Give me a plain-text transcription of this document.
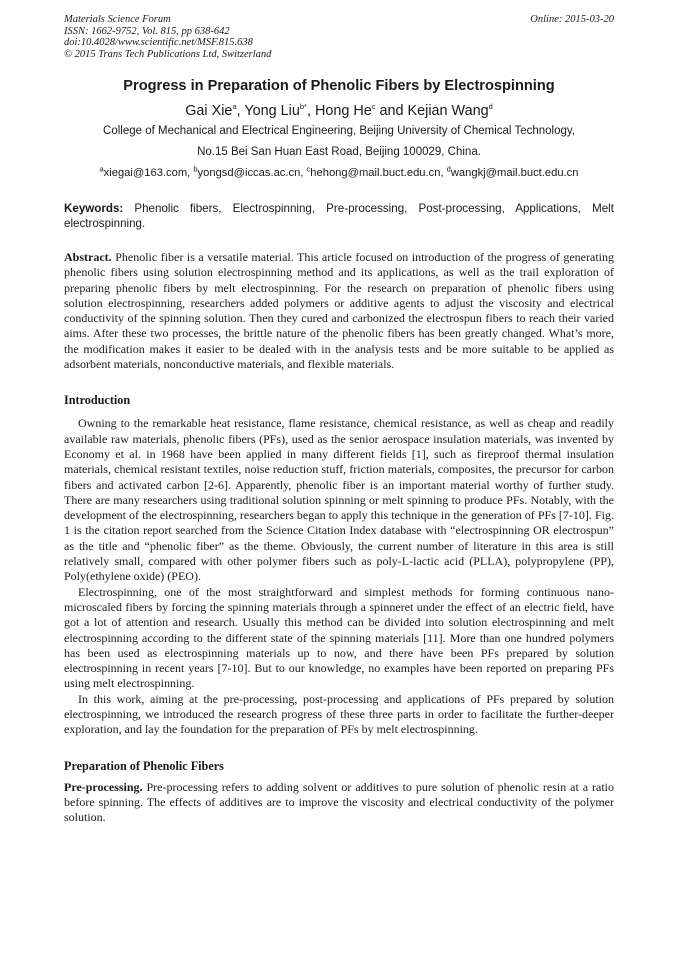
Materials Science Forum
ISSN: 1662-9752, Vol. 815, pp 638-642
doi:10.4028/www.scientific.net/MSF.815.638
© 2015 Trans Tech Publications Ltd, Switzerland
Online: 2015-03-20
Progress in Preparation of Phenolic Fibers by Electrospinning
Gai Xie$^a$, Yong Liu$^{b*}$, Hong He$^c$ and Kejian Wang$^d$
College of Mechanical and Electrical Engineering, Beijing University of Chemical Technology,
No.15 Bei San Huan East Road, Beijing 100029, China.
$^a$xiegai@163.com, $^b$yongsd@iccas.ac.cn, $^c$hehong@mail.buct.edu.cn, $^d$wangkj@mail.buct.edu.cn
Keywords: Phenolic fibers, Electrospinning, Pre-processing, Post-processing, Applications, Melt electrospinning.

Abstract. Phenolic fiber is a versatile material. This article focused on introduction of the progress of generating phenolic fibers using solution electrospinning method and its applications, as well as the trail exploration of preparing phenolic fibers by melt electrospinning. For the research on preparation of phenolic fibers using solution electrospinning, researchers added polymers or additive agents to adjust the viscosity and electrical conductivity of the spinning solution. Then they cured and carbonized the electrospun fibers to reach their varied aims. After these two processes, the brittle nature of the phenolic fibers has been greatly changed. What’s more, the modification makes it easier to be dealed with in the analysis tests and be more suitable to be applied as adsorbent materials, nonconductive materials, and flexible materials.

Introduction

Owning to the remarkable heat resistance, flame resistance, chemical resistance, as well as cheap and readily available raw materials, phenolic fibers (PFs), used as the senior aerospace insulation materials, was invented by Economy et al. in 1968 have been applied in many different fields [1], such as fireproof thermal insulation materials, chemical resistant textiles, noise reduction stuff, friction materials, composites, the precursor for carbon fibers and activated carbon [2-6]. Apparently, phenolic fiber is an important material worthy of further study. There are many researchers using traditional solution spinning or melt spinning to produce PFs. Notably, with the development of the electrospinning, researchers began to apply this technique in the generation of PFs [7-10]. Fig. 1 is the citation report searched from the Science Citation Index database with “electrospinning OR electrospun” as the title and “phenolic fiber” as the theme. Obviously, the current number of literature in this area is still relatively small, compared with other polymer fibers such as poly-L-lactic acid (PLLA), polypropylene (PP), Poly(ethylene oxide) (PEO).

Electrospinning, one of the most straightforward and simplest methods for forming continuous nano-microscaled fibers by forcing the spinning materials through a spinneret under the effect of an electric field, have got a lot of attention and research. Usually this method can be divided into solution electrospinning and melt electrospinning according to the different state of the spinning materials [11]. More than one hundred polymers has been used as electrospinning materials up to now, and there have been PFs prepared by solution electrospinning in recent years [7-10]. But to our knowledge, no examples have been reported on preparing PFs using melt electrospinning.

In this work, aiming at the pre-processing, post-processing and applications of PFs prepared by solution electrospinning, we introduced the research progress of these three parts in order to facilitate the further-deeper exploration, and lay the foundation for the preparation of PFs by melt electrospinning.

Preparation of Phenolic Fibers

Pre-processing. Pre-processing refers to adding solvent or additives to pure solution of phenolic resin at a ratio before spinning. The effects of additives are to improve the viscosity and electrical conductivity of the polymer solution.
